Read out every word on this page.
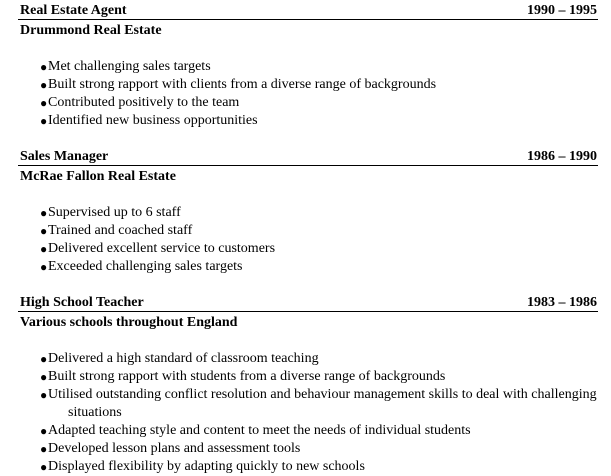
Real Estate Agent	1990 – 1995
Drummond Real Estate
● Met challenging sales targets
● Built strong rapport with clients from a diverse range of backgrounds
● Contributed positively to the team
● Identified new business opportunities
Sales Manager	1986 – 1990
McRae Fallon Real Estate
● Supervised up to 6 staff
● Trained and coached staff
● Delivered excellent service to customers
● Exceeded challenging sales targets
High School Teacher	1983 – 1986
Various schools throughout England
● Delivered a high standard of classroom teaching
● Built strong rapport with students from a diverse range of backgrounds
● Utilised outstanding conflict resolution and behaviour management skills to deal with challenging
situations
● Adapted teaching style and content to meet the needs of individual students
● Developed lesson plans and assessment tools
● Displayed flexibility by adapting quickly to new schools
